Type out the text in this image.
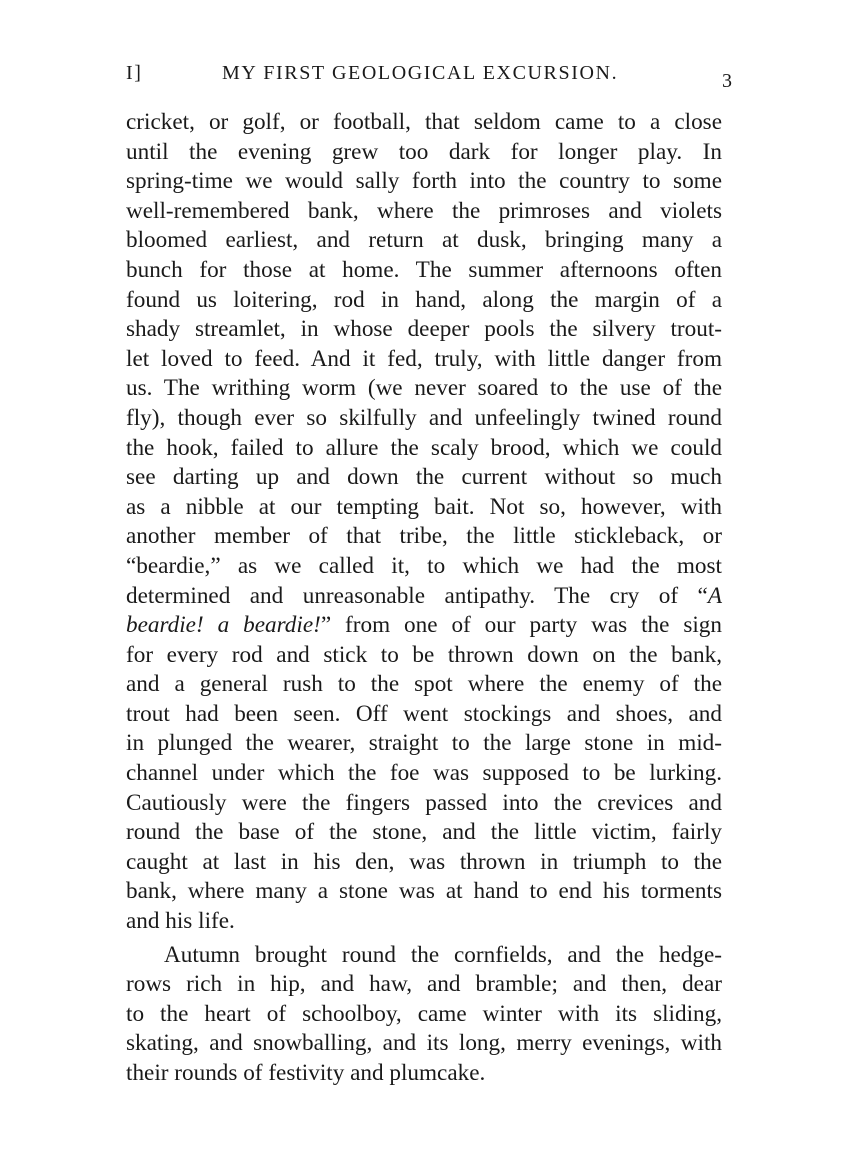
I]	MY FIRST GEOLOGICAL EXCURSION.	3
cricket, or golf, or football, that seldom came to a close
until the evening grew too dark for longer play. In
spring-time we would sally forth into the country to some
well-remembered bank, where the primroses and violets
bloomed earliest, and return at dusk, bringing many a
bunch for those at home. The summer afternoons often
found us loitering, rod in hand, along the margin of a
shady streamlet, in whose deeper pools the silvery trout-
let loved to feed. And it fed, truly, with little danger from
us. The writhing worm (we never soared to the use of the
fly), though ever so skilfully and unfeelingly twined round
the hook, failed to allure the scaly brood, which we could
see darting up and down the current without so much
as a nibble at our tempting bait. Not so, however, with
another member of that tribe, the little stickleback, or
“beardie,” as we called it, to which we had the most
determined and unreasonable antipathy. The cry of “A
beardie! a beardie!” from one of our party was the sign
for every rod and stick to be thrown down on the bank,
and a general rush to the spot where the enemy of the
trout had been seen. Off went stockings and shoes, and
in plunged the wearer, straight to the large stone in mid-
channel under which the foe was supposed to be lurking.
Cautiously were the fingers passed into the crevices and
round the base of the stone, and the little victim, fairly
caught at last in his den, was thrown in triumph to the
bank, where many a stone was at hand to end his torments
and his life.
Autumn brought round the cornfields, and the hedge-
rows rich in hip, and haw, and bramble; and then, dear
to the heart of schoolboy, came winter with its sliding,
skating, and snowballing, and its long, merry evenings, with
their rounds of festivity and plumcake.
